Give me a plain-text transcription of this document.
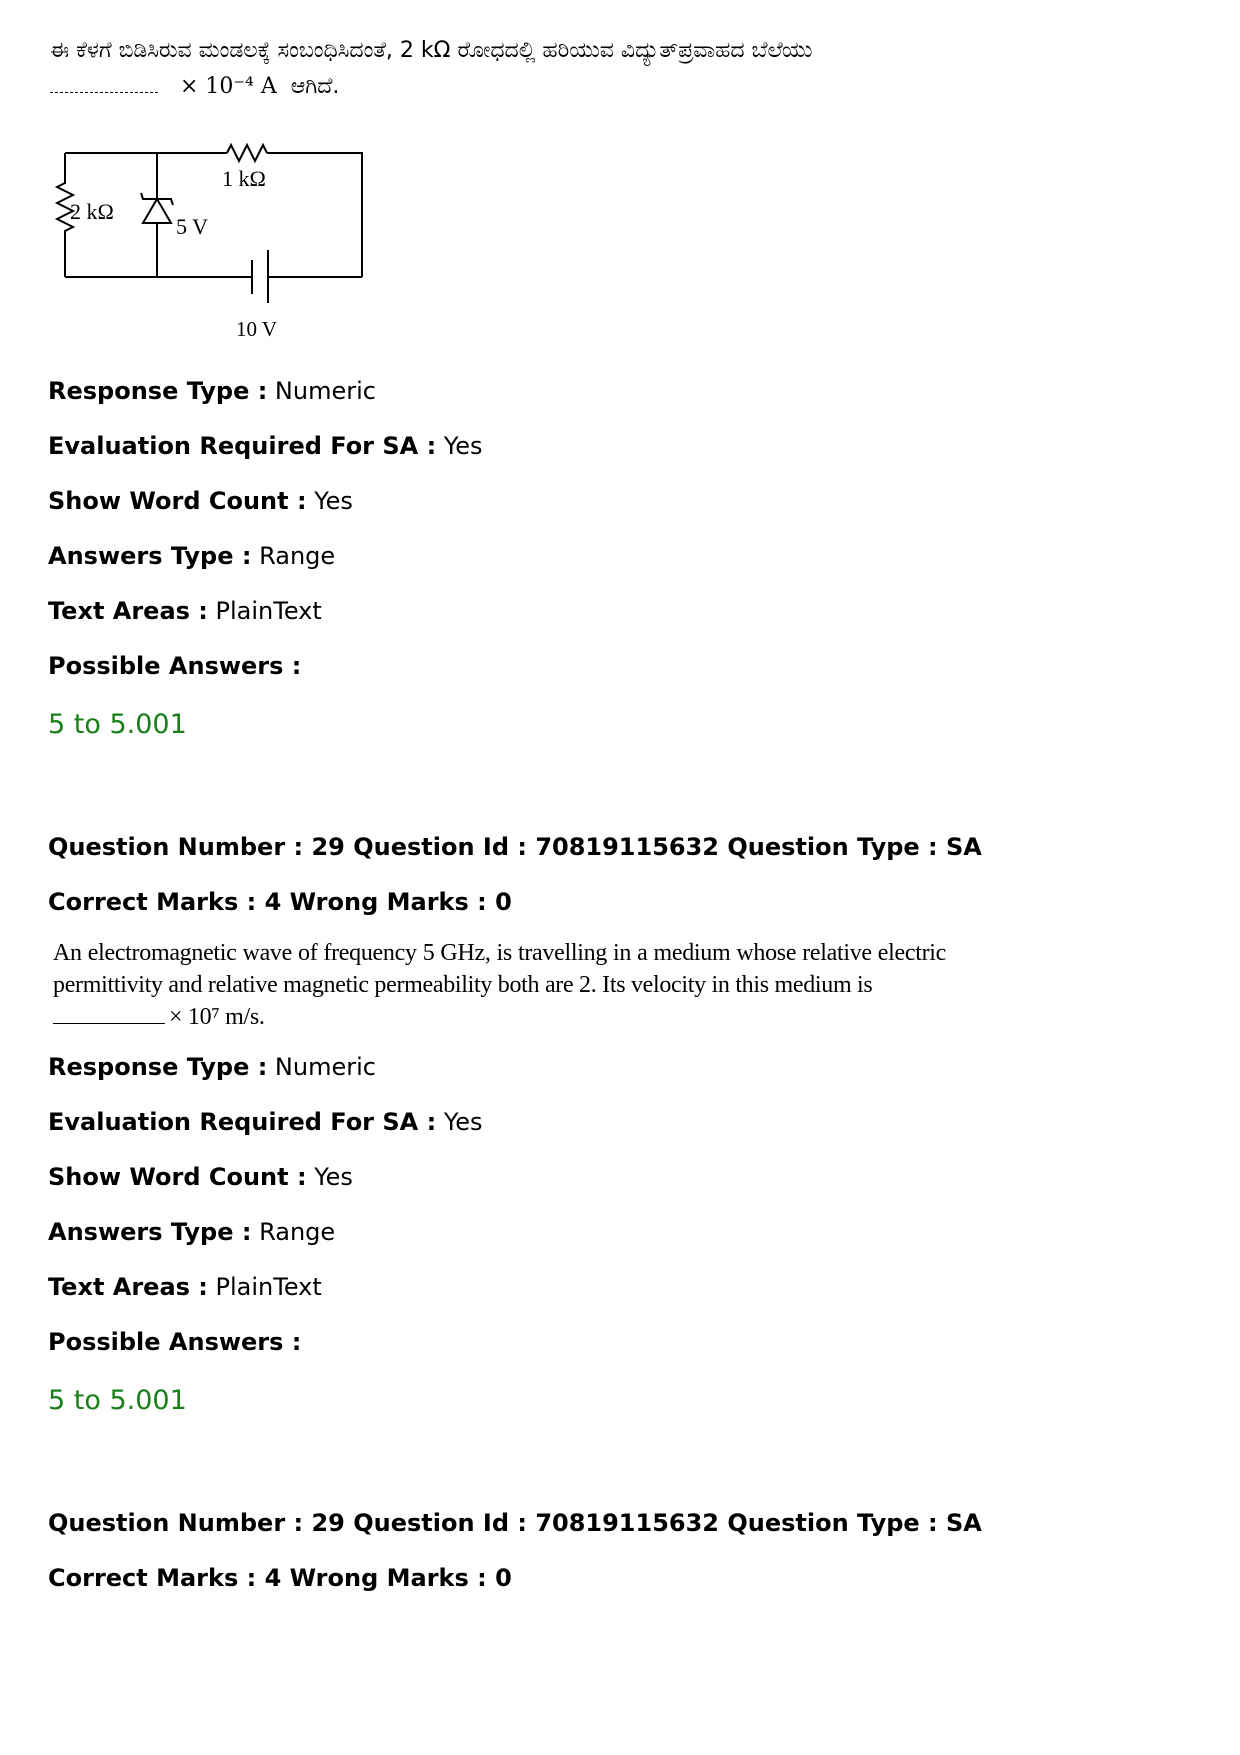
ಈ ಕೆಳಗೆ ಬಿಡಿಸಿರುವ ಮಂಡಲಕ್ಕೆ ಸಂಬಂಧಿಸಿದಂತೆ, 2 kΩ ರೋಧದಲ್ಲಿ ಹರಿಯುವ ವಿದ್ಯುತ್‌ಪ್ರವಾಹದ ಬೆಲೆಯು
× 10⁻⁴ A ಆಗಿದೆ.
1 kΩ
2 kΩ
5 V
10 V
Response Type : Numeric
Evaluation Required For SA : Yes
Show Word Count : Yes
Answers Type : Range
Text Areas : PlainText
Possible Answers :
5 to 5.001
Question Number : 29 Question Id : 70819115632 Question Type : SA
Correct Marks : 4 Wrong Marks : 0
An electromagnetic wave of frequency 5 GHz, is travelling in a medium whose relative electric permittivity and relative magnetic permeability both are 2. Its velocity in this medium is
× 10⁷ m/s.
Response Type : Numeric
Evaluation Required For SA : Yes
Show Word Count : Yes
Answers Type : Range
Text Areas : PlainText
Possible Answers :
5 to 5.001
Question Number : 29 Question Id : 70819115632 Question Type : SA
Correct Marks : 4 Wrong Marks : 0
